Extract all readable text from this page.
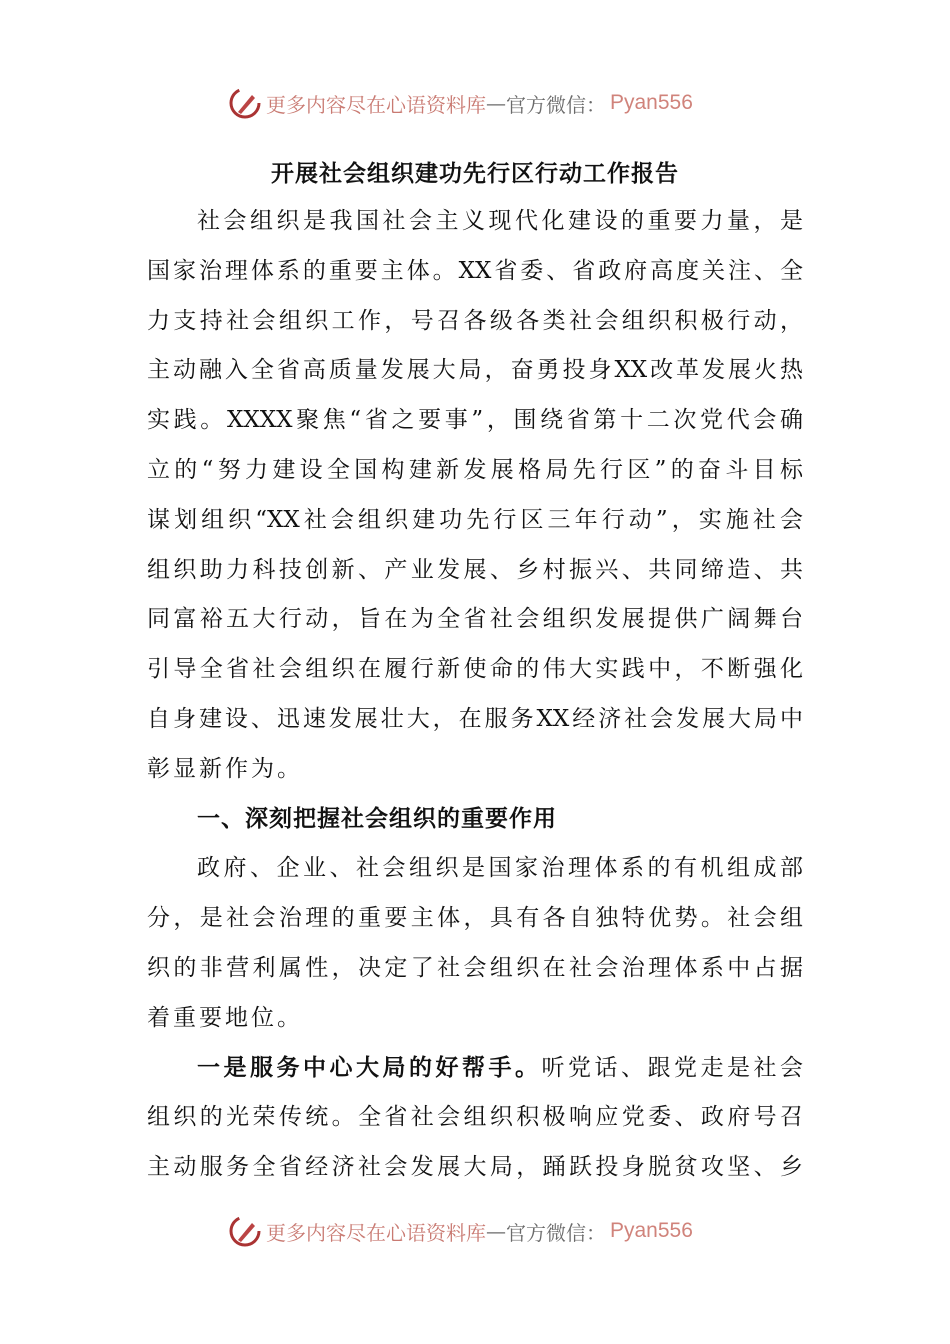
更多内容尽在心语资料库 — 官方微信： Pyan556
开展社会组织建功先行区行动工作报告
社会组织是我国社会主义现代化建设的重要力量，是
国家治理体系的重要主体。XX省委、省政府高度关注、全
力支持社会组织工作，号召各级各类社会组织积极行动，
主动融入全省高质量发展大局，奋勇投身XX改革发展火热
实践。XXXX聚焦“省之要事”，围绕省第十二次党代会确
立的“努力建设全国构建新发展格局先行区”的奋斗目标
谋划组织“XX社会组织建功先行区三年行动”，实施社会
组织助力科技创新、产业发展、乡村振兴、共同缔造、共
同富裕五大行动，旨在为全省社会组织发展提供广阔舞台
引导全省社会组织在履行新使命的伟大实践中，不断强化
自身建设、迅速发展壮大，在服务XX经济社会发展大局中
彰显新作为。
一、深刻把握社会组织的重要作用
政府、企业、社会组织是国家治理体系的有机组成部
分，是社会治理的重要主体，具有各自独特优势。社会组
织的非营利属性，决定了社会组织在社会治理体系中占据
着重要地位。
一是服务中心大局的好帮手。听党话、跟党走是社会
组织的光荣传统。全省社会组织积极响应党委、政府号召
主动服务全省经济社会发展大局，踊跃投身脱贫攻坚、乡
更多内容尽在心语资料库 — 官方微信： Pyan556
